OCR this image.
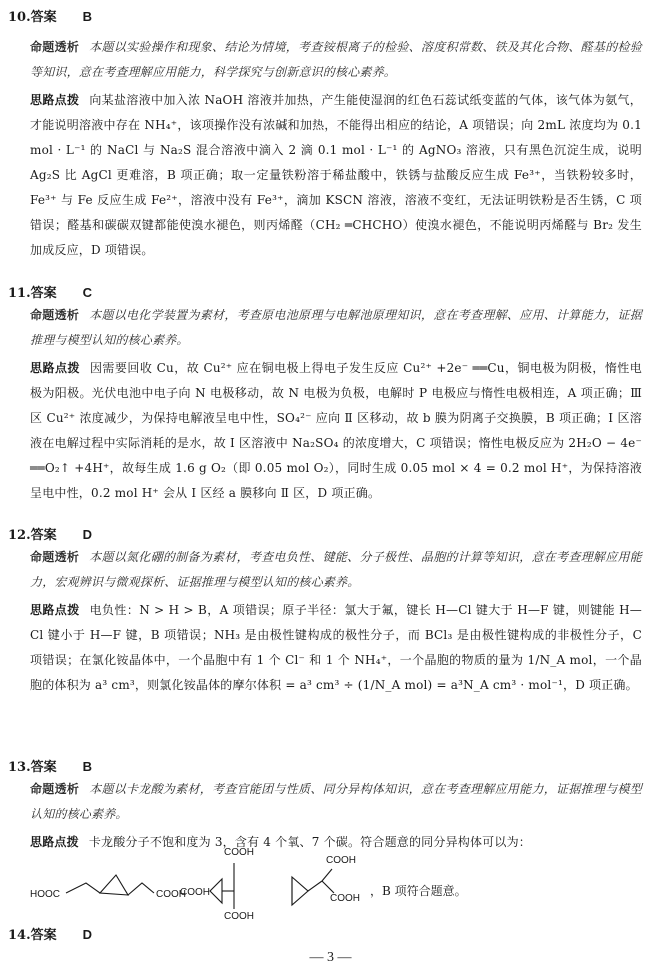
10.答案 B
命题透析 本题以实验操作和现象、结论为情境，考查铵根离子的检验、溶度积常数、铁及其化合物、醛基的检验等知识，意在考查理解应用能力，科学探究与创新意识的核心素养。
思路点拨 向某盐溶液中加入浓 NaOH 溶液并加热，产生能使湿润的红色石蕊试纸变蓝的气体，该气体为氨气，才能说明溶液中存在 NH₄⁺，该项操作没有浓碱和加热，不能得出相应的结论，A 项错误；向 2mL 浓度均为 0.1 mol · L⁻¹ 的 NaCl 与 Na₂S 混合溶液中滴入 2 滴 0.1 mol · L⁻¹ 的 AgNO₃ 溶液，只有黑色沉淀生成，说明 Ag₂S 比 AgCl 更难溶，B 项正确；取一定量铁粉溶于稀盐酸中，铁锈与盐酸反应生成 Fe³⁺，当铁粉较多时，Fe³⁺ 与 Fe 反应生成 Fe²⁺，溶液中没有 Fe³⁺，滴加 KSCN 溶液，溶液不变红，无法证明铁粉是否生锈，C 项错误；醛基和碳碳双键都能使溴水褪色，则丙烯醛（CH₂ ═CHCHO）使溴水褪色，不能说明丙烯醛与 Br₂ 发生加成反应，D 项错误。
11.答案 C
命题透析 本题以电化学装置为素材，考查原电池原理与电解池原理知识，意在考查理解、应用、计算能力，证据推理与模型认知的核心素养。
思路点拨 因需要回收 Cu，故 Cu²⁺ 应在铜电极上得电子发生反应 Cu²⁺ +2e⁻ ══Cu，铜电极为阴极，惰性电极为阳极。光伏电池中电子向 N 电极移动，故 N 电极为负极，电解时 P 电极应与惰性电极相连，A 项正确；Ⅲ 区 Cu²⁺ 浓度减少，为保持电解液呈电中性，SO₄²⁻ 应向 Ⅱ 区移动，故 b 膜为阴离子交换膜，B 项正确；Ⅰ 区溶液在电解过程中实际消耗的是水，故 Ⅰ 区溶液中 Na₂SO₄ 的浓度增大，C 项错误；惰性电极反应为 2H₂O − 4e⁻ ══O₂↑ +4H⁺，故每生成 1.6 g O₂（即 0.05 mol O₂），同时生成 0.05 mol × 4 = 0.2 mol H⁺，为保持溶液呈电中性，0.2 mol H⁺ 会从 Ⅰ 区经 a 膜移向 Ⅱ 区，D 项正确。
12.答案 D
命题透析 本题以氮化硼的制备为素材，考查电负性、键能、分子极性、晶胞的计算等知识，意在考查理解应用能力，宏观辨识与微观探析、证据推理与模型认知的核心素养。
思路点拨 电负性：N > H > B，A 项错误；原子半径：氯大于氟，键长 H—Cl 键大于 H—F 键，则键能 H—Cl 键小于 H—F 键，B 项错误；NH₃ 是由极性键构成的极性分子，而 BCl₃ 是由极性键构成的非极性分子，C 项错误；在氯化铵晶体中，一个晶胞中有 1 个 Cl⁻ 和 1 个 NH₄⁺，一个晶胞的物质的量为 1/N_A mol，一个晶胞的体积为 a³ cm³，则氯化铵晶体的摩尔体积 = a³ cm³ ÷ (1/N_A mol) = a³N_A cm³ · mol⁻¹，D 项正确。
13.答案 B
命题透析 本题以卡龙酸为素材，考查官能团与性质、同分异构体知识，意在考查理解应用能力，证据推理与模型认知的核心素养。
思路点拨 卡龙酸分子不饱和度为 3，含有 4 个氧、7 个碳。符合题意的同分异构体可以为：
HOOC	COOH
COOH
COOH
COOH
COOH
COOH
，B 项符合题意。
14.答案 D
— 3 —
